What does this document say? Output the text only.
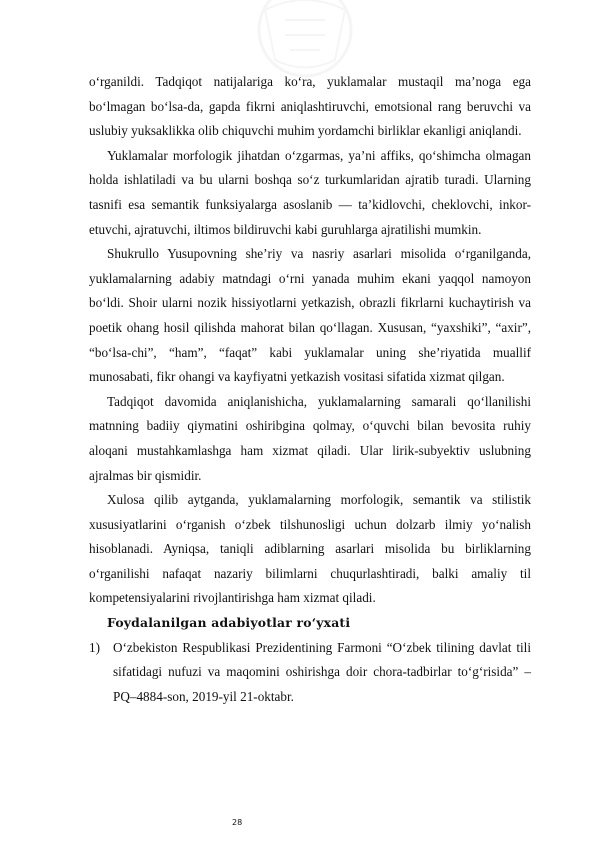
o‘rganildi. Tadqiqot natijalariga ko‘ra, yuklamalar mustaqil ma’noga ega bo‘lmagan bo‘lsa-da, gapda fikrni aniqlashtiruvchi, emotsional rang beruvchi va uslubiy yuksaklikka olib chiquvchi muhim yordamchi birliklar ekanligi aniqlandi.

Yuklamalar morfologik jihatdan o‘zgarmas, ya’ni affiks, qo‘shimcha olmagan holda ishlatiladi va bu ularni boshqa so‘z turkumlaridan ajratib turadi. Ularning tasnifi esa semantik funksiyalarga asoslanib — ta’kidlovchi, cheklovchi, inkor-etuvchi, ajratuvchi, iltimos bildiruvchi kabi guruhlarga ajratilishi mumkin.

Shukrullo Yusupovning she’riy va nasriy asarlari misolida o‘rganilganda, yuklamalarning adabiy matndagi o‘rni yanada muhim ekani yaqqol namoyon bo‘ldi. Shoir ularni nozik hissiyotlarni yetkazish, obrazli fikrlarni kuchaytirish va poetik ohang hosil qilishda mahorat bilan qo‘llagan. Xususan, “yaxshiki”, “axir”, “bo‘lsa-chi”, “ham”, “faqat” kabi yuklamalar uning she’riyatida muallif munosabati, fikr ohangi va kayfiyatni yetkazish vositasi sifatida xizmat qilgan.

Tadqiqot davomida aniqlanishicha, yuklamalarning samarali qo‘llanilishi matnning badiiy qiymatini oshiribgina qolmay, o‘quvchi bilan bevosita ruhiy aloqani mustahkamlashga ham xizmat qiladi. Ular lirik-subyektiv uslubning ajralmas bir qismidir.

Xulosa qilib aytganda, yuklamalarning morfologik, semantik va stilistik xususiyatlarini o‘rganish o‘zbek tilshunosligi uchun dolzarb ilmiy yo‘nalish hisoblanadi. Ayniqsa, taniqli adiblarning asarlari misolida bu birliklarning o‘rganilishi nafaqat nazariy bilimlarni chuqurlashtiradi, balki amaliy til kompetensiyalarini rivojlantirishga ham xizmat qiladi.

Foydalanilgan adabiyotlar ro‘yxati

1) O‘zbekiston Respublikasi Prezidentining Farmoni “O‘zbek tilining davlat tili sifatidagi nufuzi va maqomini oshirishga doir chora-tadbirlar to‘g‘risida” – PQ–4884-son, 2019-yil 21-oktabr.
28
